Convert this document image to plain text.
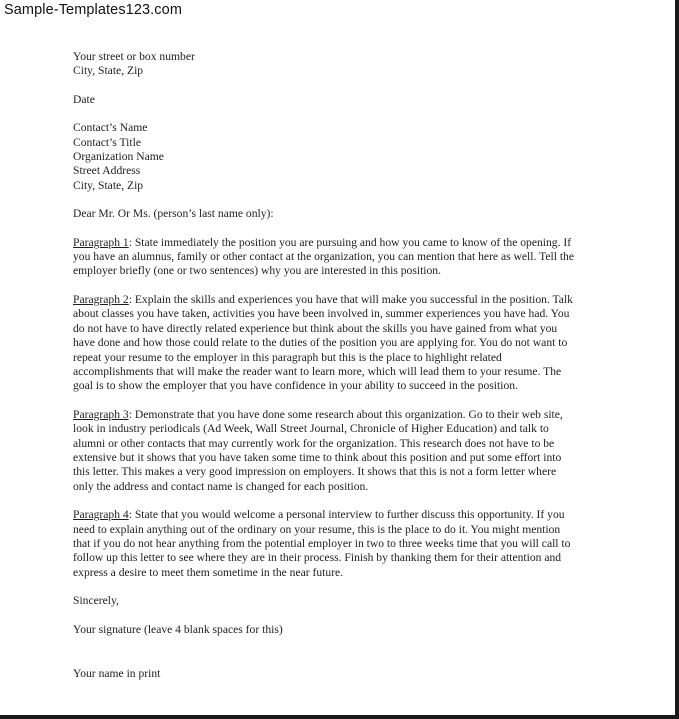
Sample-Templates123.com
Your street or box number
City, State, Zip
Date
Contact’s Name
Contact’s Title
Organization Name
Street Address
City, State, Zip
Dear Mr. Or Ms. (person’s last name only):
Paragraph 1: State immediately the position you are pursuing and how you came to know of the opening. If
you have an alumnus, family or other contact at the organization, you can mention that here as well. Tell the
employer briefly (one or two sentences) why you are interested in this position.
Paragraph 2: Explain the skills and experiences you have that will make you successful in the position. Talk
about classes you have taken, activities you have been involved in, summer experiences you have had. You
do not have to have directly related experience but think about the skills you have gained from what you
have done and how those could relate to the duties of the position you are applying for. You do not want to
repeat your resume to the employer in this paragraph but this is the place to highlight related
accomplishments that will make the reader want to learn more, which will lead them to your resume. The
goal is to show the employer that you have confidence in your ability to succeed in the position.
Paragraph 3: Demonstrate that you have done some research about this organization. Go to their web site,
look in industry periodicals (Ad Week, Wall Street Journal, Chronicle of Higher Education) and talk to
alumni or other contacts that may currently work for the organization. This research does not have to be
extensive but it shows that you have taken some time to think about this position and put some effort into
this letter. This makes a very good impression on employers. It shows that this is not a form letter where
only the address and contact name is changed for each position.
Paragraph 4: State that you would welcome a personal interview to further discuss this opportunity. If you
need to explain anything out of the ordinary on your resume, this is the place to do it. You might mention
that if you do not hear anything from the potential employer in two to three weeks time that you will call to
follow up this letter to see where they are in their process. Finish by thanking them for their attention and
express a desire to meet them sometime in the near future.
Sincerely,
Your signature (leave 4 blank spaces for this)
Your name in print
